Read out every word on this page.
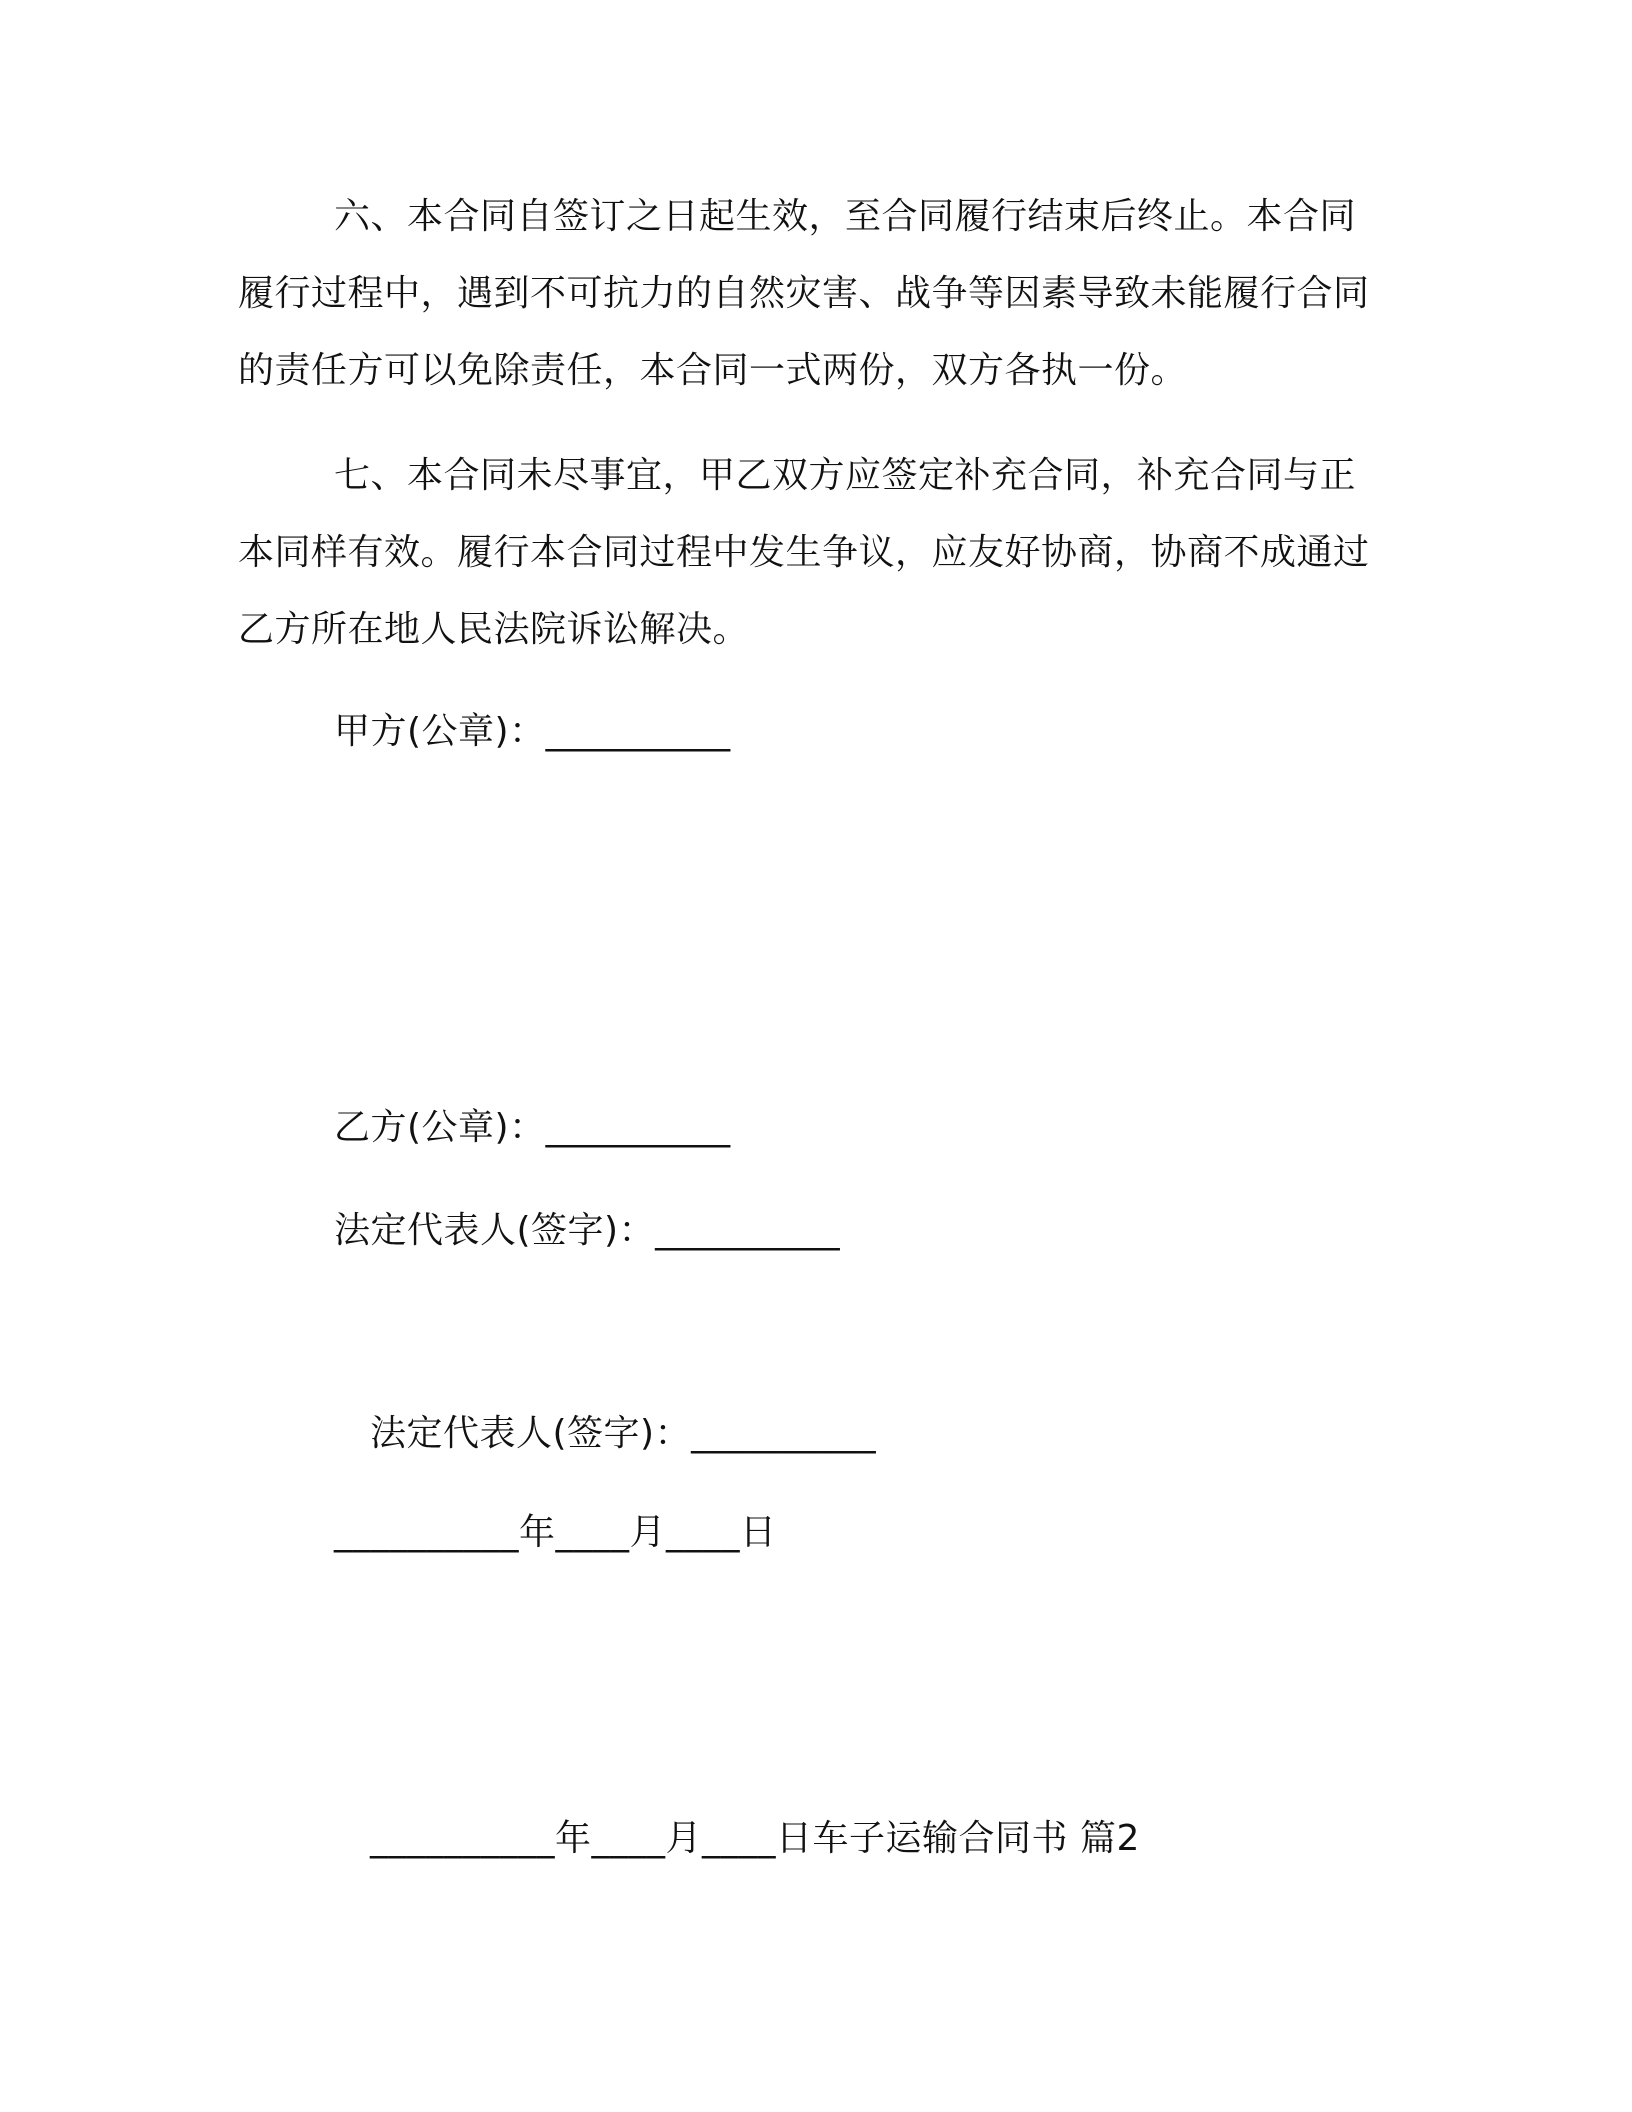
六、本合同自签订之日起生效，至合同履行结束后终止。本合同履行过程中，遇到不可抗力的自然灾害、战争等因素导致未能履行合同的责任方可以免除责任，本合同一式两份，双方各执一份。

七、本合同未尽事宜，甲乙双方应签定补充合同，补充合同与正本同样有效。履行本合同过程中发生争议，应友好协商，协商不成通过乙方所在地人民法院诉讼解决。

甲方(公章)：__________

乙方(公章)：__________

法定代表人(签字)：__________

法定代表人(签字)：__________

__________年____月____日

__________年____月____日车子运输合同书 篇2
